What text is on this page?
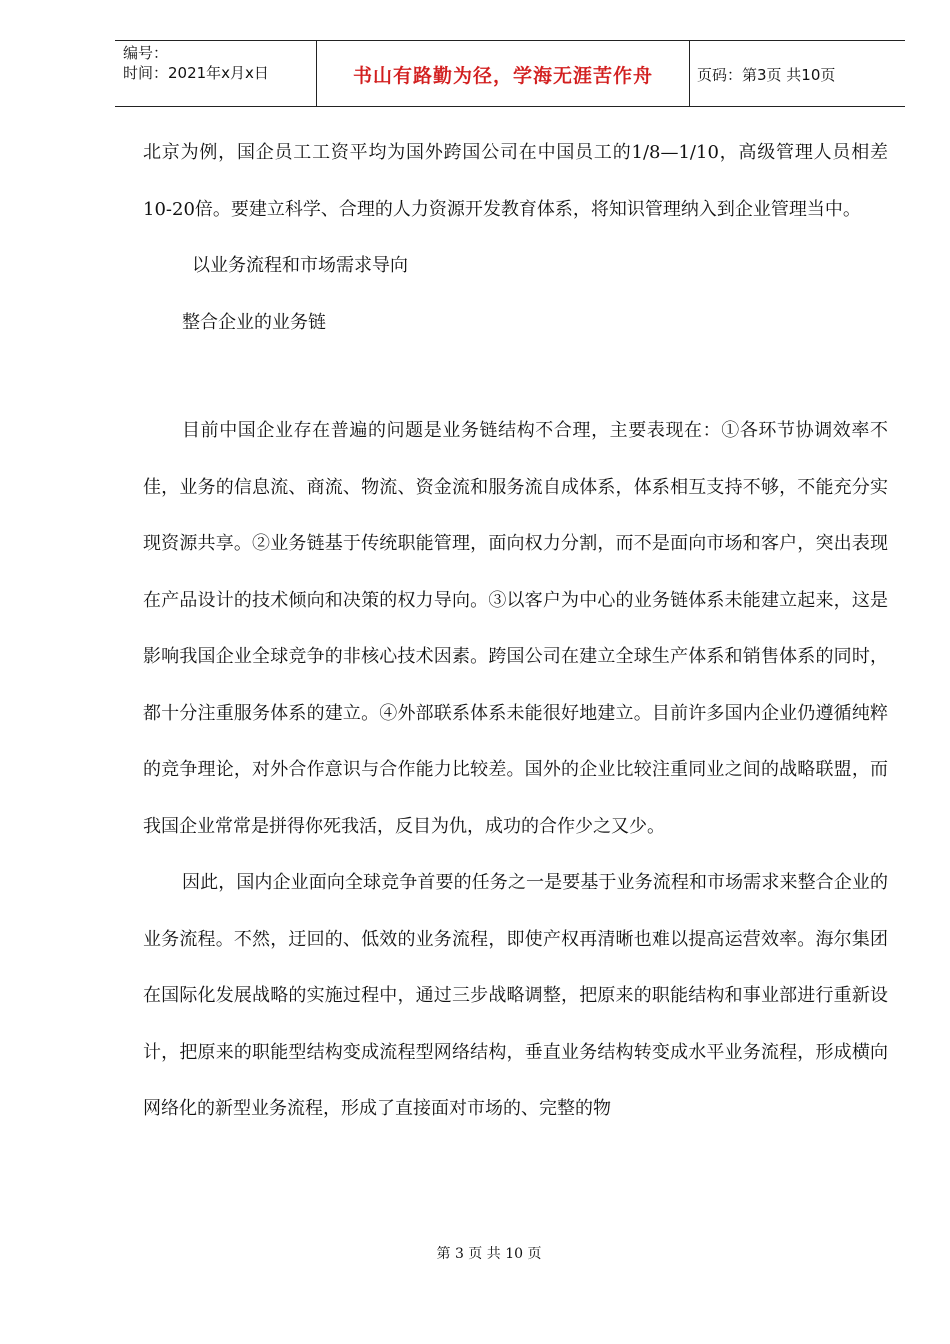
编号：
时间：2021年x月x日	书山有路勤为径，学海无涯苦作舟	页码：第3页 共10页

北京为例，国企员工工资平均为国外跨国公司在中国员工的1/8—1/10，高级管理人员相差10-20倍。要建立科学、合理的人力资源开发教育体系，将知识管理纳入到企业管理当中。

以业务流程和市场需求导向

整合企业的业务链

目前中国企业存在普遍的问题是业务链结构不合理，主要表现在：①各环节协调效率不佳，业务的信息流、商流、物流、资金流和服务流自成体系，体系相互支持不够，不能充分实现资源共享。②业务链基于传统职能管理，面向权力分割，而不是面向市场和客户，突出表现在产品设计的技术倾向和决策的权力导向。③以客户为中心的业务链体系未能建立起来，这是影响我国企业全球竞争的非核心技术因素。跨国公司在建立全球生产体系和销售体系的同时，都十分注重服务体系的建立。④外部联系体系未能很好地建立。目前许多国内企业仍遵循纯粹的竞争理论，对外合作意识与合作能力比较差。国外的企业比较注重同业之间的战略联盟，而我国企业常常是拼得你死我活，反目为仇，成功的合作少之又少。

因此，国内企业面向全球竞争首要的任务之一是要基于业务流程和市场需求来整合企业的业务流程。不然，迂回的、低效的业务流程，即使产权再清晰也难以提高运营效率。海尔集团在国际化发展战略的实施过程中，通过三步战略调整，把原来的职能结构和事业部进行重新设计，把原来的职能型结构变成流程型网络结构，垂直业务结构转变成水平业务流程，形成横向网络化的新型业务流程，形成了直接面对市场的、完整的物

第 3 页 共 10 页
